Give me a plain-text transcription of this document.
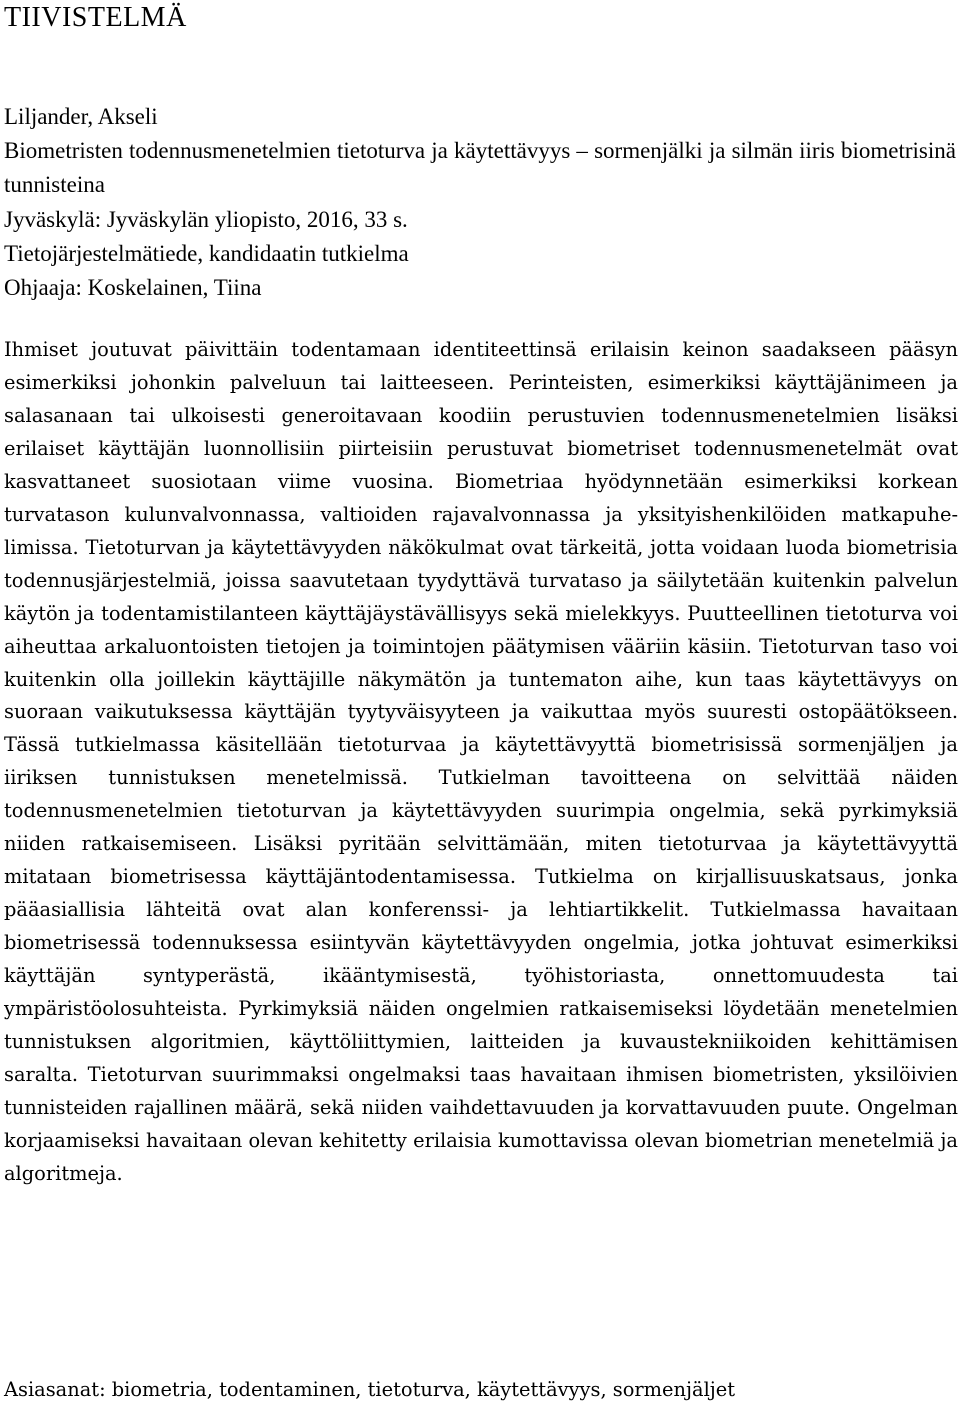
TIIVISTELMÄ
Liljander, Akseli
Biometristen todennusmenetelmien tietoturva ja käytettävyys – sormenjälki ja silmän iiris biometrisinä tunnisteina
Jyväskylä: Jyväskylän yliopisto, 2016, 33 s.
Tietojärjestelmätiede, kandidaatin tutkielma
Ohjaaja: Koskelainen, Tiina

Ihmiset joutuvat päivittäin todentamaan identiteettinsä erilaisin keinon saadakseen pääsyn esimerkiksi johonkin palveluun tai laitteeseen. Perinteisten, esimerkiksi käyttäjänimeen ja salasanaan tai ulkoisesti generoitavaan koodiin perustuvien todennusmenetelmien lisäksi erilaiset käyttäjän luonnollisiin piirteisiin perustuvat biometriset todennusmenetelmät ovat kasvattaneet suosiotaan viime vuosina. Biometriaa hyödynnetään esimerkiksi korkean turvatason kulunvalvonnassa, valtioiden rajavalvonnassa ja yksityishenkilöiden matkapuhelimissa. Tietoturvan ja käytettävyyden näkökulmat ovat tärkeitä, jotta voidaan luoda biometrisia todennusjärjestelmiä, joissa saavutetaan tyydyttävä turvataso ja säilytetään kuitenkin palvelun käytön ja todentamistilanteen käyttäjäystävällisyys sekä mielekkyys. Puutteellinen tietoturva voi aiheuttaa arkaluontoisten tietojen ja toimintojen päätymisen vääriin käsiin. Tietoturvan taso voi kuitenkin olla joillekin käyttäjille näkymätön ja tuntematon aihe, kun taas käytettävyys on suoraan vaikutuksessa käyttäjän tyytyväisyyteen ja vaikuttaa myös suuresti ostopäätökseen. Tässä tutkielmassa käsitellään tietoturvaa ja käytettävyyttä biometrisissä sormenjäljen ja iiriksen tunnistuksen menetelmissä. Tutkielman tavoitteena on selvittää näiden todennusmenetelmien tietoturvan ja käytettävyyden suurimpia ongelmia, sekä pyrkimyksiä niiden ratkaisemiseen. Lisäksi pyritään selvittämään, miten tietoturvaa ja käytettävyyttä mitataan biometrisessa käyttäjäntodentamisessa. Tutkielma on kirjallisuuskatsaus, jonka pääasiallisia lähteitä ovat alan konferenssi- ja lehtiartikkelit. Tutkielmassa havaitaan biometrisessä todennuksessa esiintyvän käytettävyyden ongelmia, jotka johtuvat esimerkiksi käyttäjän syntyperästä, ikääntymisestä, työhistoriasta, onnettomuudesta tai ympäristöolosuhteista. Pyrkimyksiä näiden ongelmien ratkaisemiseksi löydetään menetelmien tunnistuksen algoritmien, käyttöliittymien, laitteiden ja kuvaustekniikoiden kehittämisen saralta. Tietoturvan suurimmaksi ongelmaksi taas havaitaan ihmisen biometristen, yksilöivien tunnisteiden rajallinen määrä, sekä niiden vaihdettavuuden ja korvattavuuden puute. Ongelman korjaamiseksi havaitaan olevan kehitetty erilaisia kumottavissa olevan biometrian menetelmiä ja algoritmeja.

Asiasanat: biometria, todentaminen, tietoturva, käytettävyys, sormenjäljet
